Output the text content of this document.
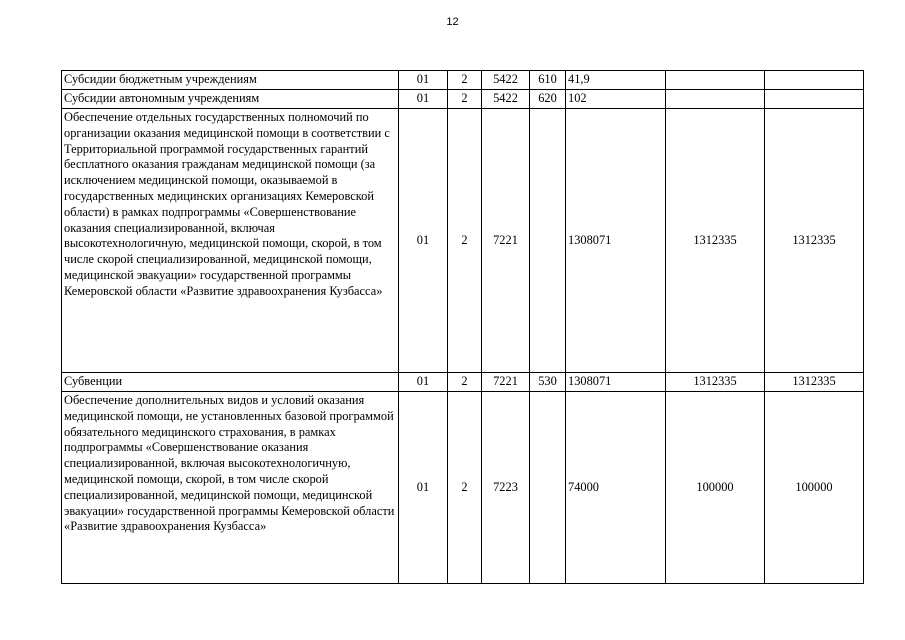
12
Субсидии бюджетным учреждениям	01	2	5422	610	41,9		
Субсидии автономным учреждениям	01	2	5422	620	102		
Обеспечение отдельных государственных полномочий по организации оказания медицинской помощи в соответствии с Территориальной программой государственных гарантий бесплатного оказания гражданам медицинской помощи (за исключением медицинской помощи, оказываемой в государственных медицинских организациях Кемеровской области) в рамках подпрограммы «Совершенствование оказания специализированной, включая высокотехнологичную, медицинской помощи, скорой, в том числе скорой специализированной, медицинской помощи, медицинской эвакуации» государственной программы Кемеровской области «Развитие здравоохранения Кузбасса»	01	2	7221		1308071	1312335	1312335
Субвенции	01	2	7221	530	1308071	1312335	1312335
Обеспечение дополнительных видов и условий оказания медицинской помощи, не установленных базовой программой обязательного медицинского страхования, в рамках подпрограммы «Совершенствование оказания специализированной, включая высокотехнологичную, медицинской помощи, скорой, в том числе скорой специализированной, медицинской помощи, медицинской эвакуации» государственной программы Кемеровской области «Развитие здравоохранения Кузбасса»	01	2	7223		74000	100000	100000
